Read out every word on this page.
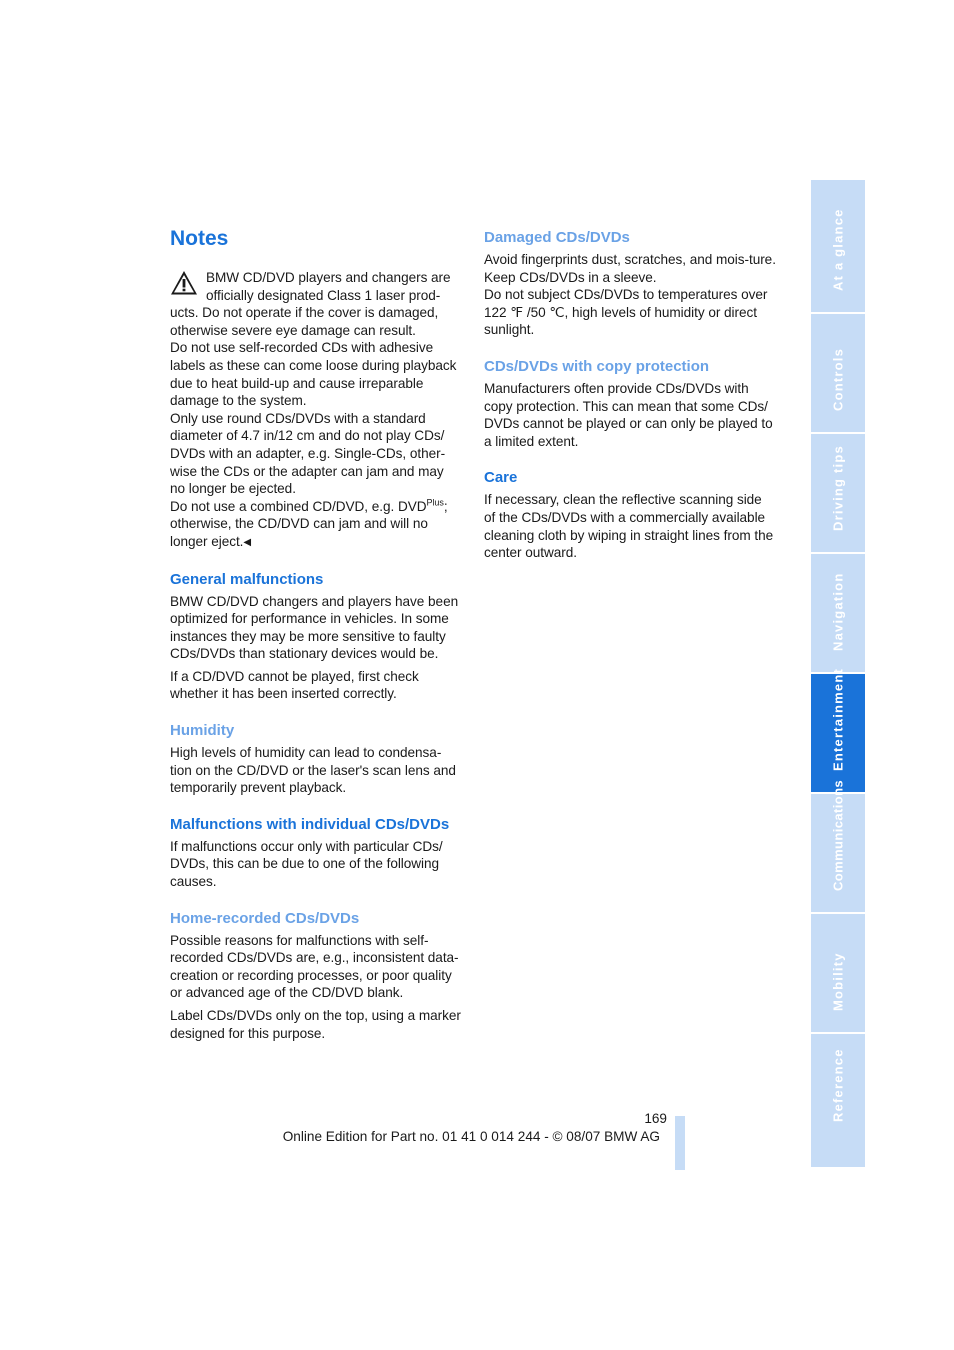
Notes

BMW CD/DVD players and changers are officially designated Class 1 laser prod-ucts. Do not operate if the cover is damaged, otherwise severe eye damage can result.

Do not use self-recorded CDs with adhesive labels as these can come loose during playback due to heat build-up and cause irreparable damage to the system.

Only use round CDs/DVDs with a standard diameter of 4.7 in/12 cm and do not play CDs/ DVDs with an adapter, e.g. Single-CDs, other-wise the CDs or the adapter can jam and may no longer be ejected.

Do not use a combined CD/DVD, e.g. $DVD^{Plus}$; otherwise, the CD/DVD can jam and will no longer eject.◀

General malfunctions

BMW CD/DVD changers and players have been optimized for performance in vehicles. In some instances they may be more sensitive to faulty CDs/DVDs than stationary devices would be.

If a CD/DVD cannot be played, first check whether it has been inserted correctly.

Humidity

High levels of humidity can lead to condensa-tion on the CD/DVD or the laser's scan lens and temporarily prevent playback.

Malfunctions with individual CDs/DVDs

If malfunctions occur only with particular CDs/ DVDs, this can be due to one of the following causes.

Home-recorded CDs/DVDs

Possible reasons for malfunctions with self-recorded CDs/DVDs are, e.g., inconsistent data-creation or recording processes, or poor quality or advanced age of the CD/DVD blank.

Label CDs/DVDs only on the top, using a marker designed for this purpose.

Damaged CDs/DVDs

Avoid fingerprints dust, scratches, and mois-ture.

Keep CDs/DVDs in a sleeve.

Do not subject CDs/DVDs to temperatures over 122 ℉ /50 ℃, high levels of humidity or direct sunlight.

CDs/DVDs with copy protection

Manufacturers often provide CDs/DVDs with copy protection. This can mean that some CDs/ DVDs cannot be played or can only be played to a limited extent.

Care

If necessary, clean the reflective scanning side of the CDs/DVDs with a commercially available cleaning cloth by wiping in straight lines from the center outward.

At a glance
Controls
Driving tips
Navigation
Entertainment
Communications
Mobility
Reference
169
Online Edition for Part no. 01 41 0 014 244 - © 08/07 BMW AG
